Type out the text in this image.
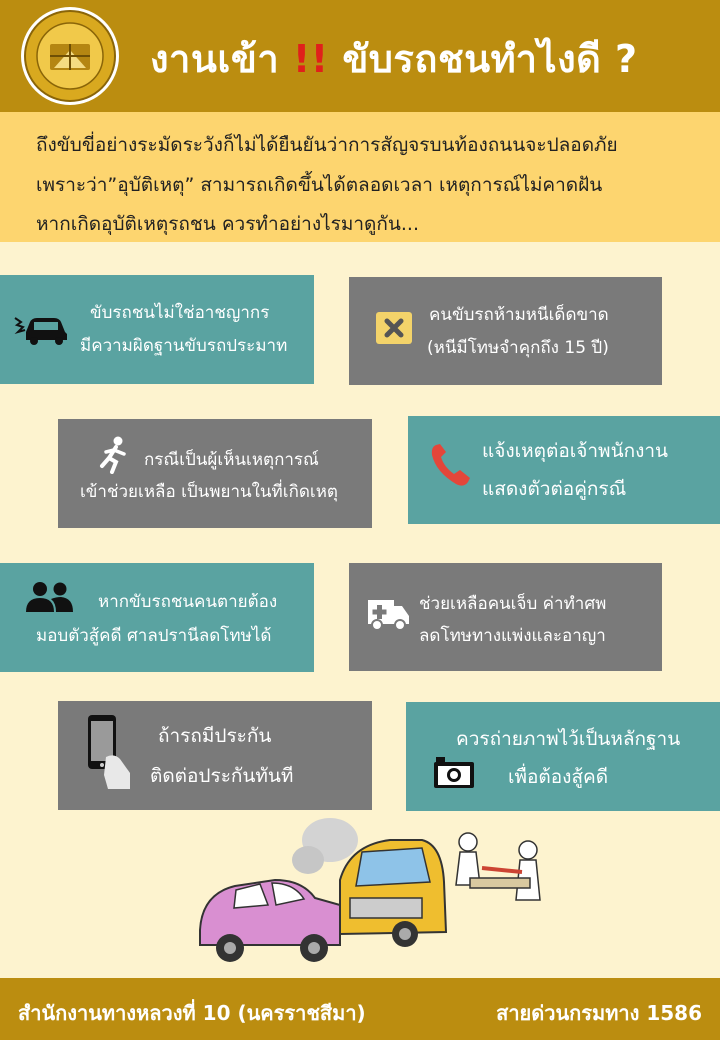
งานเข้า !! ขับรถชนทำไงดี ?

ถึงขับขี่อย่างระมัดระวังก็ไม่ได้ยืนยันว่าการสัญจรบนท้องถนนจะปลอดภัย

เพราะว่า”อุบัติเหตุ” สามารถเกิดขึ้นได้ตลอดเวลา เหตุการณ์ไม่คาดฝัน

หากเกิดอุบัติเหตุรถชน ควรทำอย่างไรมาดูกัน...

ขับรถชนไม่ใช่อาชญากร
มีความผิดฐานขับรถประมาท
คนขับรถห้ามหนีเด็ดขาด
(หนีมีโทษจำคุกถึง 15 ปี)
กรณีเป็นผู้เห็นเหตุการณ์
เข้าช่วยเหลือ เป็นพยานในที่เกิดเหตุ
แจ้งเหตุต่อเจ้าพนักงาน
แสดงตัวต่อคู่กรณี
หากขับรถชนคนตายต้อง
มอบตัวสู้คดี ศาลปรานีลดโทษได้
ช่วยเหลือคนเจ็บ ค่าทำศพ
ลดโทษทางแพ่งและอาญา
ถ้ารถมีประกัน
ติดต่อประกันทันที
ควรถ่ายภาพไว้เป็นหลักฐาน
เพื่อต้องสู้คดี
สำนักงานทางหลวงที่ 10 (นครราชสีมา)	สายด่วนกรมทาง 1586
